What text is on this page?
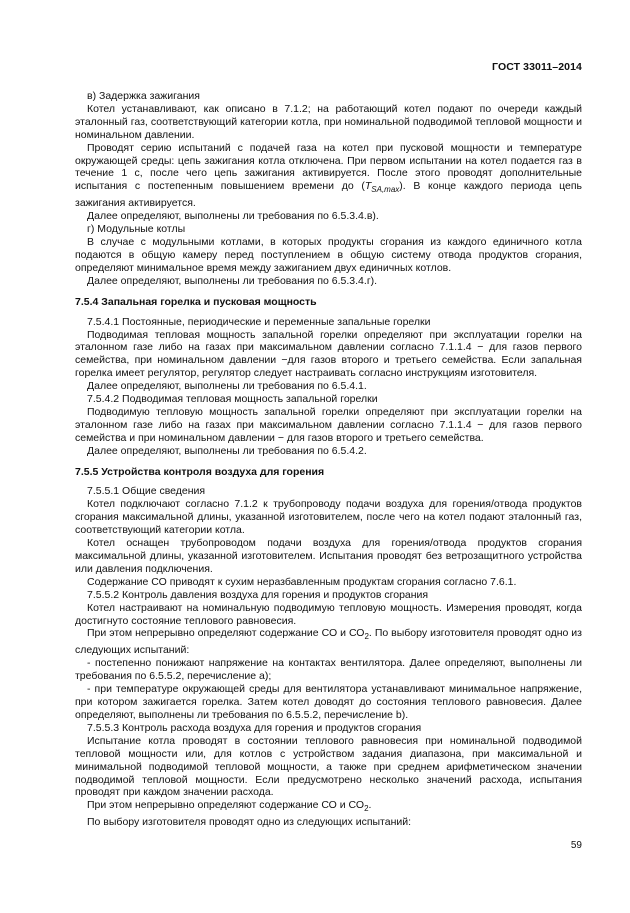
ГОСТ 33011–2014

в) Задержка зажигания

Котел устанавливают, как описано в 7.1.2; на работающий котел подают по очереди каждый эталонный газ, соответствующий категории котла, при номинальной подводимой тепловой мощности и номинальном давлении.

Проводят серию испытаний с подачей газа на котел при пусковой мощности и температуре окружающей среды: цепь зажигания котла отключена. При первом испытании на котел подается газ в течение 1 с, после чего цепь зажигания активируется. После этого проводят дополнительные испытания с постепенным повышением времени до $(T_{SA,max})$. В конце каждого периода цепь зажигания активируется.

Далее определяют, выполнены ли требования по 6.5.3.4.в).

г) Модульные котлы

В случае с модульными котлами, в которых продукты сгорания из каждого единичного котла подаются в общую камеру перед поступлением в общую систему отвода продуктов сгорания, определяют минимальное время между зажиганием двух единичных котлов.

Далее определяют, выполнены ли требования по 6.5.3.4.г).

7.5.4 Запальная горелка и пусковая мощность

7.5.4.1 Постоянные, периодические и переменные запальные горелки

Подводимая тепловая мощность запальной горелки определяют при эксплуатации горелки на эталонном газе либо на газах при максимальном давлении согласно 7.1.1.4 − для газов первого семейства, при номинальном давлении −для газов второго и третьего семейства. Если запальная горелка имеет регулятор, регулятор следует настраивать согласно инструкциям изготовителя.

Далее определяют, выполнены ли требования по 6.5.4.1.

7.5.4.2 Подводимая тепловая мощность запальной горелки

Подводимую тепловую мощность запальной горелки определяют при эксплуатации горелки на эталонном газе либо на газах при максимальном давлении согласно 7.1.1.4 − для газов первого семейства и при номинальном давлении − для газов второго и третьего семейства.

Далее определяют, выполнены ли требования по 6.5.4.2.

7.5.5 Устройства контроля воздуха для горения

7.5.5.1 Общие сведения

Котел подключают согласно 7.1.2 к трубопроводу подачи воздуха для горения/отвода продуктов сгорания максимальной длины, указанной изготовителем, после чего на котел подают эталонный газ, соответствующий категории котла.

Котел оснащен трубопроводом подачи воздуха для горения/отвода продуктов сгорания максимальной длины, указанной изготовителем. Испытания проводят без ветрозащитного устройства или давления подключения.

Содержание СО приводят к сухим неразбавленным продуктам сгорания согласно 7.6.1.

7.5.5.2 Контроль давления воздуха для горения и продуктов сгорания

Котел настраивают на номинальную подводимую тепловую мощность. Измерения проводят, когда достигнуто состояние теплового равновесия.

При этом непрерывно определяют содержание СО и $СО_2$. По выбору изготовителя проводят одно из следующих испытаний:

- постепенно понижают напряжение на контактах вентилятора. Далее определяют, выполнены ли требования по 6.5.5.2, перечисление а);

- при температуре окружающей среды для вентилятора устанавливают минимальное напряжение, при котором зажигается горелка. Затем котел доводят до состояния теплового равновесия. Далее определяют, выполнены ли требования по 6.5.5.2, перечисление b).

7.5.5.3 Контроль расхода воздуха для горения и продуктов сгорания

Испытание котла проводят в состоянии теплового равновесия при номинальной подводимой тепловой мощности или, для котлов с устройством задания диапазона, при максимальной и минимальной подводимой тепловой мощности, а также при среднем арифметическом значении подводимой тепловой мощности. Если предусмотрено несколько значений расхода, испытания проводят при каждом значении расхода.

При этом непрерывно определяют содержание СО и $СО_2$.

По выбору изготовителя проводят одно из следующих испытаний:

59
